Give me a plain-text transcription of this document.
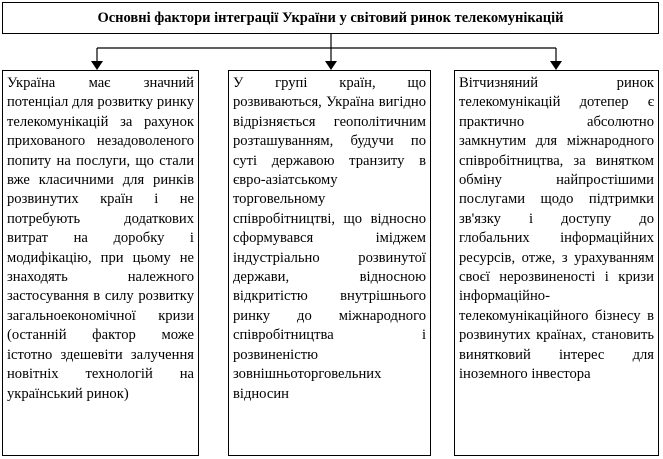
Основні фактори інтеграції України у світовий ринок телекомунікацій

Україна має значний потенціал для розвитку ринку телекомунікацій за рахунок прихованого незадоволеного попиту на послуги, що стали вже класичними для ринків розвинутих країн і не потребують додаткових витрат на доробку і модифікацію, при цьому не знаходять належного застосування в силу розвитку загальноекономічної кризи (останній фактор може істотно здешевіти залучення новітніх технологій на український ринок)

У групі країн, що розвиваються, Україна вигідно відрізняється геополітичним розташуванням, будучи по суті державою транзиту в євро-азіатському торговельному співробітництві, що відносно сформувався іміджем індустріально розвинутої держави, відносною відкритістю внутрішнього ринку до міжнародного співробітництва і розвиненістю зовнішньоторговельних відносин

Вітчизняний ринок телекомунікацій дотепер є практично абсолютно замкнутим для міжнародного співробітництва, за винятком обміну найпростішими послугами щодо підтримки зв'язку і доступу до глобальних інформаційних ресурсів, отже, з урахуванням своєї нерозвиненості і кризи інформаційно-телекомунікаційного бізнесу в розвинутих країнах, становить винятковий інтерес для іноземного інвестора
